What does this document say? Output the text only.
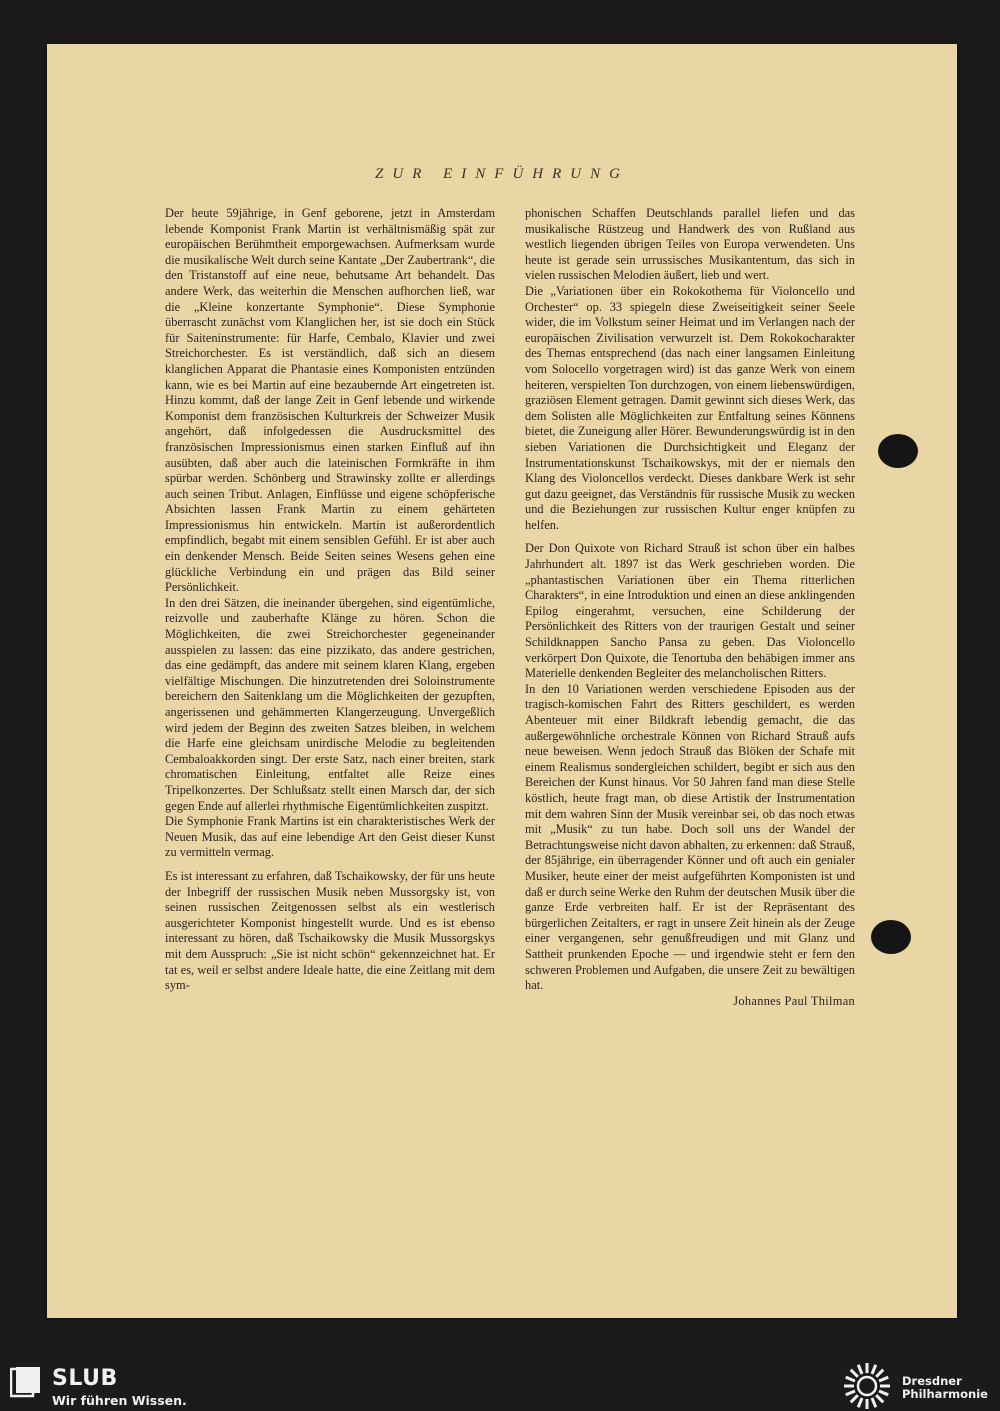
ZUR EINFÜHRUNG

Der heute 59jährige, in Genf geborene, jetzt in Amsterdam lebende Komponist Frank Martin ist verhältnismäßig spät zur europäischen Berühmtheit emporgewachsen. Aufmerksam wurde die musikalische Welt durch seine Kantate „Der Zaubertrank“, die den Tristanstoff auf eine neue, behutsame Art behandelt. Das andere Werk, das weiterhin die Menschen aufhorchen ließ, war die „Kleine konzertante Symphonie“. Diese Symphonie überrascht zunächst vom Klanglichen her, ist sie doch ein Stück für Saiteninstrumente: für Harfe, Cembalo, Klavier und zwei Streichorchester. Es ist verständlich, daß sich an diesem klanglichen Apparat die Phantasie eines Komponisten entzünden kann, wie es bei Martin auf eine bezaubernde Art eingetreten ist. Hinzu kommt, daß der lange Zeit in Genf lebende und wirkende Komponist dem französischen Kulturkreis der Schweizer Musik angehört, daß infolgedessen die Ausdrucksmittel des französischen Impressionismus einen starken Einfluß auf ihn ausübten, daß aber auch die lateinischen Formkräfte in ihm spürbar werden. Schönberg und Strawinsky zollte er allerdings auch seinen Tribut. Anlagen, Einflüsse und eigene schöpferische Absichten lassen Frank Martin zu einem gehärteten Impressionismus hin entwickeln. Martin ist außerordentlich empfindlich, begabt mit einem sensiblen Gefühl. Er ist aber auch ein denkender Mensch. Beide Seiten seines Wesens gehen eine glückliche Verbindung ein und prägen das Bild seiner Persönlichkeit.

In den drei Sätzen, die ineinander übergehen, sind eigentümliche, reizvolle und zauberhafte Klänge zu hören. Schon die Möglichkeiten, die zwei Streichorchester gegeneinander ausspielen zu lassen: das eine pizzikato, das andere gestrichen, das eine gedämpft, das andere mit seinem klaren Klang, ergeben vielfältige Mischungen. Die hinzutretenden drei Soloinstrumente bereichern den Saitenklang um die Möglichkeiten der gezupften, angerissenen und gehämmerten Klangerzeugung. Unvergeßlich wird jedem der Beginn des zweiten Satzes bleiben, in welchem die Harfe eine gleichsam unirdische Melodie zu begleitenden Cembaloakkorden singt. Der erste Satz, nach einer breiten, stark chromatischen Einleitung, entfaltet alle Reize eines Tripelkonzertes. Der Schlußsatz stellt einen Marsch dar, der sich gegen Ende auf allerlei rhythmische Eigentümlichkeiten zuspitzt.

Die Symphonie Frank Martins ist ein charakteristisches Werk der Neuen Musik, das auf eine lebendige Art den Geist dieser Kunst zu vermitteln vermag.

Es ist interessant zu erfahren, daß Tschaikowsky, der für uns heute der Inbegriff der russischen Musik neben Mussorgsky ist, von seinen russischen Zeitgenossen selbst als ein westlerisch ausgerichteter Komponist hingestellt wurde. Und es ist ebenso interessant zu hören, daß Tschaikowsky die Musik Mussorgskys mit dem Ausspruch: „Sie ist nicht schön“ gekennzeichnet hat. Er tat es, weil er selbst andere Ideale hatte, die eine Zeitlang mit dem sym-

phonischen Schaffen Deutschlands parallel liefen und das musikalische Rüstzeug und Handwerk des von Rußland aus westlich liegenden übrigen Teiles von Europa verwendeten. Uns heute ist gerade sein urrussisches Musikantentum, das sich in vielen russischen Melodien äußert, lieb und wert.

Die „Variationen über ein Rokokothema für Violoncello und Orchester“ op. 33 spiegeln diese Zweiseitigkeit seiner Seele wider, die im Volkstum seiner Heimat und im Verlangen nach der europäischen Zivilisation verwurzelt ist. Dem Rokokocharakter des Themas entsprechend (das nach einer langsamen Einleitung vom Solocello vorgetragen wird) ist das ganze Werk von einem heiteren, verspielten Ton durchzogen, von einem liebenswürdigen, graziösen Element getragen. Damit gewinnt sich dieses Werk, das dem Solisten alle Möglichkeiten zur Entfaltung seines Könnens bietet, die Zuneigung aller Hörer. Bewunderungswürdig ist in den sieben Variationen die Durchsichtigkeit und Eleganz der Instrumentationskunst Tschaikowskys, mit der er niemals den Klang des Violoncellos verdeckt. Dieses dankbare Werk ist sehr gut dazu geeignet, das Verständnis für russische Musik zu wecken und die Beziehungen zur russischen Kultur enger knüpfen zu helfen.

Der Don Quixote von Richard Strauß ist schon über ein halbes Jahrhundert alt. 1897 ist das Werk geschrieben worden. Die „phantastischen Variationen über ein Thema ritterlichen Charakters“, in eine Introduktion und einen an diese anklingenden Epilog eingerahmt, versuchen, eine Schilderung der Persönlichkeit des Ritters von der traurigen Gestalt und seiner Schildknappen Sancho Pansa zu geben. Das Violoncello verkörpert Don Quixote, die Tenortuba den behäbigen immer ans Materielle denkenden Begleiter des melancholischen Ritters.

In den 10 Variationen werden verschiedene Episoden aus der tragisch-komischen Fahrt des Ritters geschildert, es werden Abenteuer mit einer Bildkraft lebendig gemacht, die das außergewöhnliche orchestrale Können von Richard Strauß aufs neue beweisen. Wenn jedoch Strauß das Blöken der Schafe mit einem Realismus sondergleichen schildert, begibt er sich aus den Bereichen der Kunst hinaus. Vor 50 Jahren fand man diese Stelle köstlich, heute fragt man, ob diese Artistik der Instrumentation mit dem wahren Sinn der Musik vereinbar sei, ob das noch etwas mit „Musik“ zu tun habe. Doch soll uns der Wandel der Betrachtungsweise nicht davon abhalten, zu erkennen: daß Strauß, der 85jährige, ein überragender Könner und oft auch ein genialer Musiker, heute einer der meist aufgeführten Komponisten ist und daß er durch seine Werke den Ruhm der deutschen Musik über die ganze Erde verbreiten half. Er ist der Repräsentant des bürgerlichen Zeitalters, er ragt in unsere Zeit hinein als der Zeuge einer vergangenen, sehr genußfreudigen und mit Glanz und Sattheit prunkenden Epoche — und irgendwie steht er fern den schweren Problemen und Aufgaben, die unsere Zeit zu bewältigen hat.

Johannes Paul Thilman

SLUB
Wir führen Wissen.
Dresdner
Philharmonie
